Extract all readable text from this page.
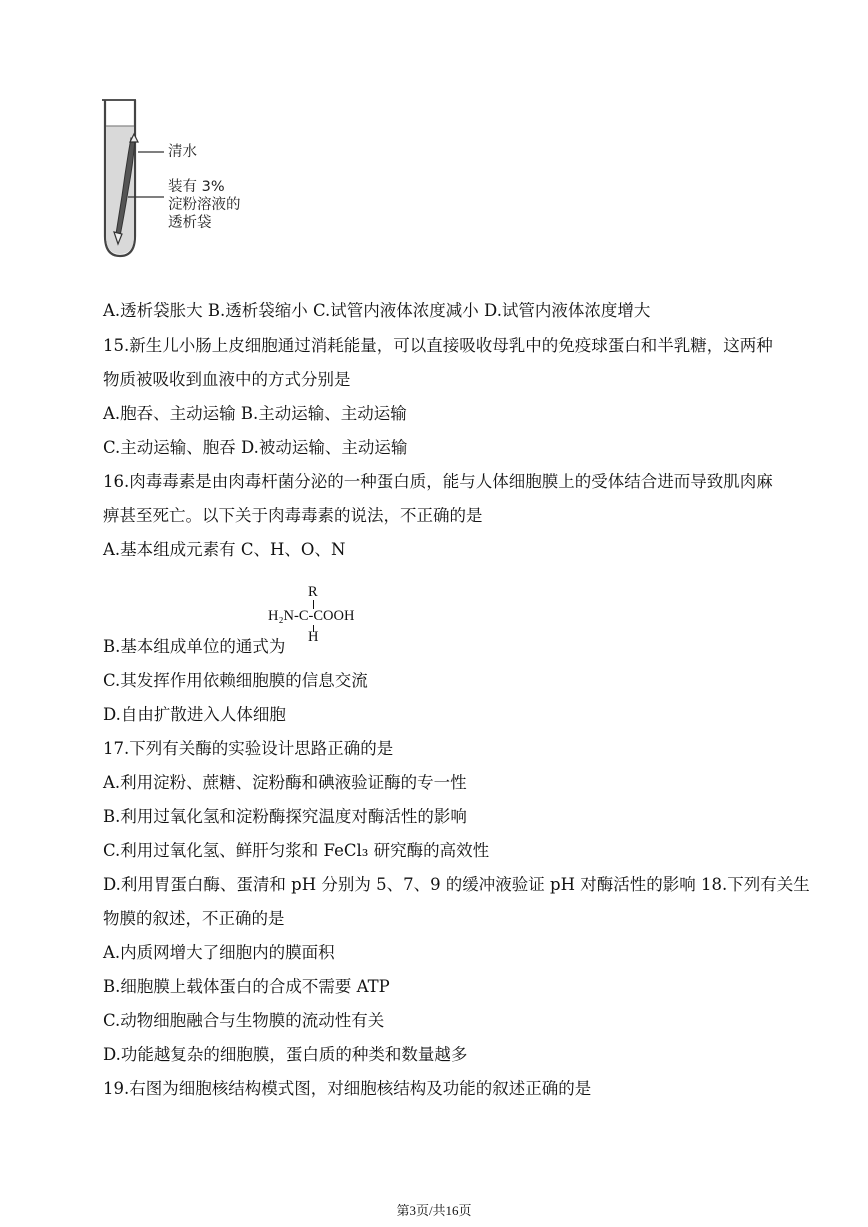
清水
装有 3%
淀粉溶液的
透析袋
A.透析袋胀大 B.透析袋缩小 C.试管内液体浓度减小 D.试管内液体浓度增大
15.新生儿小肠上皮细胞通过消耗能量，可以直接吸收母乳中的免疫球蛋白和半乳糖，这两种
物质被吸收到血液中的方式分别是
A.胞吞、主动运输 B.主动运输、主动运输
C.主动运输、胞吞 D.被动运输、主动运输
16.肉毒毒素是由肉毒杆菌分泌的一种蛋白质，能与人体细胞膜上的受体结合进而导致肌肉麻
痹甚至死亡。以下关于肉毒毒素的说法，不正确的是
A.基本组成元素有 C、H、O、N
R
H₂N-C-COOH
H
B.基本组成单位的通式为
C.其发挥作用依赖细胞膜的信息交流
D.自由扩散进入人体细胞
17.下列有关酶的实验设计思路正确的是
A.利用淀粉、蔗糖、淀粉酶和碘液验证酶的专一性
B.利用过氧化氢和淀粉酶探究温度对酶活性的影响
C.利用过氧化氢、鲜肝匀浆和 FeCl₃ 研究酶的高效性
D.利用胃蛋白酶、蛋清和 pH 分别为 5、7、9 的缓冲液验证 pH 对酶活性的影响 18.下列有关生
物膜的叙述，不正确的是
A.内质网增大了细胞内的膜面积
B.细胞膜上载体蛋白的合成不需要 ATP
C.动物细胞融合与生物膜的流动性有关
D.功能越复杂的细胞膜，蛋白质的种类和数量越多
19.右图为细胞核结构模式图，对细胞核结构及功能的叙述正确的是
第3页/共16页
